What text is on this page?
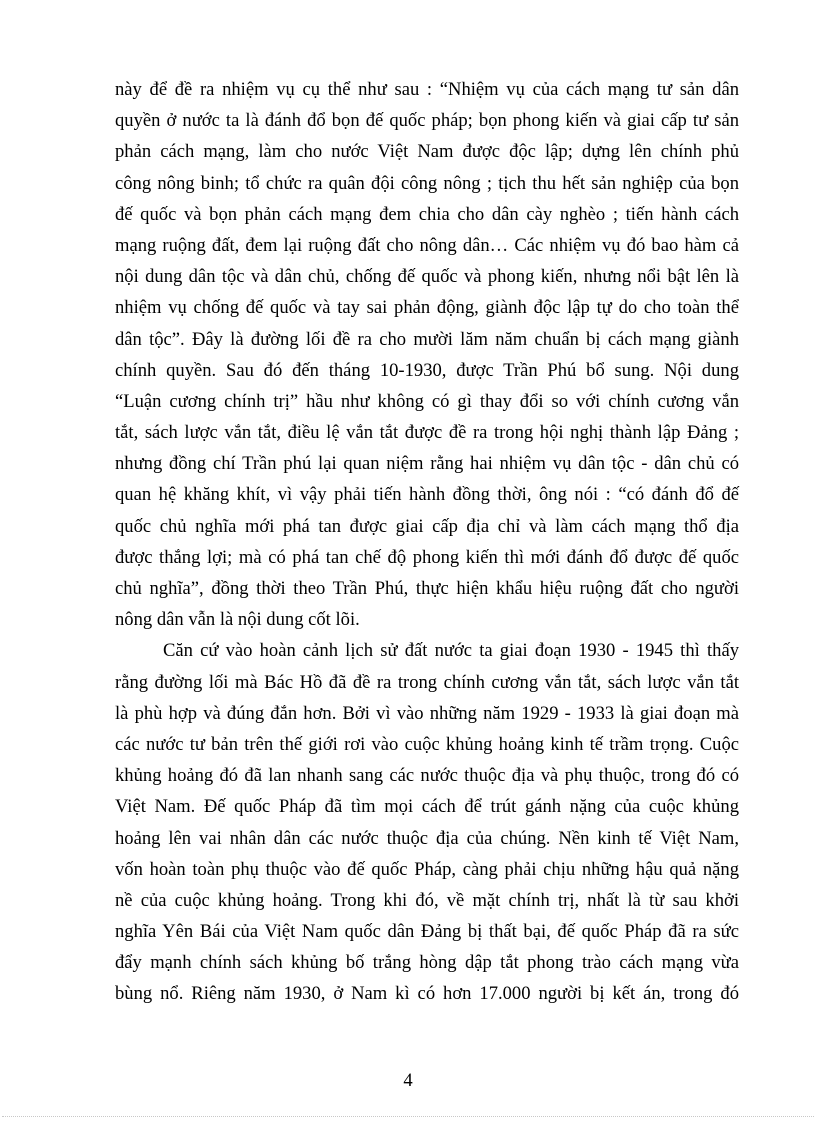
này để đề ra nhiệm vụ cụ thể như sau : “Nhiệm vụ của cách mạng tư sản dân
quyền ở nước ta là đánh đổ bọn đế quốc pháp; bọn phong kiến và giai cấp tư sản
phản cách mạng, làm cho nước Việt Nam được độc lập; dựng lên chính phủ
công nông binh; tổ chức ra quân đội công nông ; tịch thu hết sản nghiệp của bọn
đế quốc và bọn phản cách mạng đem chia cho dân cày nghèo ; tiến hành cách
mạng ruộng đất, đem lại ruộng đất cho nông dân… Các nhiệm vụ đó bao hàm cả
nội dung dân tộc và dân chủ, chống đế quốc và phong kiến, nhưng nổi bật lên là
nhiệm vụ chống đế quốc và tay sai phản động, giành độc lập tự do cho toàn thể
dân tộc”. Đây là đường lối đề ra cho mười lăm năm chuẩn bị cách mạng giành
chính quyền. Sau đó đến tháng 10-1930, được Trần Phú bổ sung. Nội dung
“Luận cương chính trị” hầu như không có gì thay đổi so với chính cương vắn
tắt, sách lược vắn tắt, điều lệ vắn tắt được đề ra trong hội nghị thành lập Đảng ;
nhưng đồng chí Trần phú lại quan niệm rằng hai nhiệm vụ dân tộc - dân chủ có
quan hệ khăng khít, vì vậy phải tiến hành đồng thời, ông nói : “có đánh đổ đế
quốc chủ nghĩa mới phá tan được giai cấp địa chỉ và làm cách mạng thổ địa
được thắng lợi; mà có phá tan chế độ phong kiến thì mới đánh đổ được đế quốc
chủ nghĩa”, đồng thời theo Trần Phú, thực hiện khẩu hiệu ruộng đất cho người
nông dân vẫn là nội dung cốt lõi.
Căn cứ vào hoàn cảnh lịch sử đất nước ta giai đoạn 1930 - 1945 thì thấy
rằng đường lối mà Bác Hồ đã đề ra trong chính cương vắn tắt, sách lược vắn tắt
là phù hợp và đúng đắn hơn. Bởi vì vào những năm 1929 - 1933 là giai đoạn mà
các nước tư bản trên thế giới rơi vào cuộc khủng hoảng kinh tế trầm trọng. Cuộc
khủng hoảng đó đã lan nhanh sang các nước thuộc địa và phụ thuộc, trong đó có
Việt Nam. Đế quốc Pháp đã tìm mọi cách để trút gánh nặng của cuộc khủng
hoảng lên vai nhân dân các nước thuộc địa của chúng. Nền kinh tế Việt Nam,
vốn hoàn toàn phụ thuộc vào đế quốc Pháp, càng phải chịu những hậu quả nặng
nề của cuộc khủng hoảng. Trong khi đó, về mặt chính trị, nhất là từ sau khởi
nghĩa Yên Bái của Việt Nam quốc dân Đảng bị thất bại, đế quốc Pháp đã ra sức
đẩy mạnh chính sách khủng bố trắng hòng dập tắt phong trào cách mạng vừa
bùng nổ. Riêng năm 1930, ở Nam kì có hơn 17.000 người bị kết án, trong đó
4
